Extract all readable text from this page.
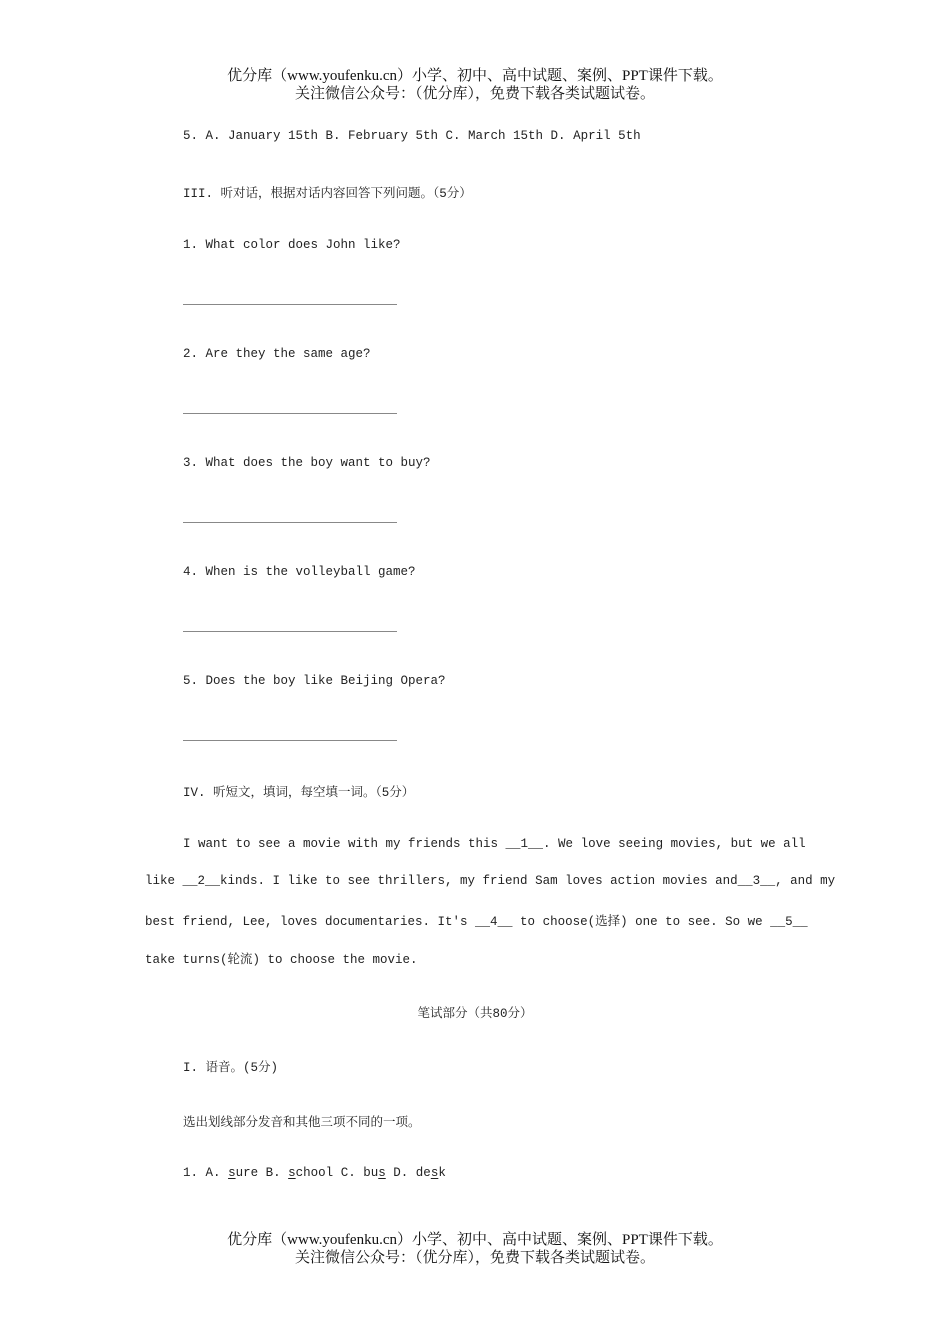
优分库（www.youfenku.cn）小学、初中、高中试题、案例、PPT课件下载。
关注微信公众号：（优分库），免费下载各类试题试卷。
5. A. January 15th B. February 5th C. March 15th D. April 5th
III. 听对话，根据对话内容回答下列问题。（5分）
1. What color does John like?
2. Are they the same age?
3. What does the boy want to buy?
4. When is the volleyball game?
5. Does the boy like Beijing Opera?
IV. 听短文，填词，每空填一词。（5分）
I want to see a movie with my friends this __1__. We love seeing movies, but we all
like __2__kinds. I like to see thrillers, my friend Sam loves action movies and__3__, and my
best friend, Lee, loves documentaries. It's __4__ to choose(选择) one to see. So we __5__
take turns(轮流) to choose the movie.
笔试部分（共80分）
I. 语音。(5分)
选出划线部分发音和其他三项不同的一项。
1. A. sure B. school C. bus D. desk
优分库（www.youfenku.cn）小学、初中、高中试题、案例、PPT课件下载。
关注微信公众号：（优分库），免费下载各类试题试卷。
